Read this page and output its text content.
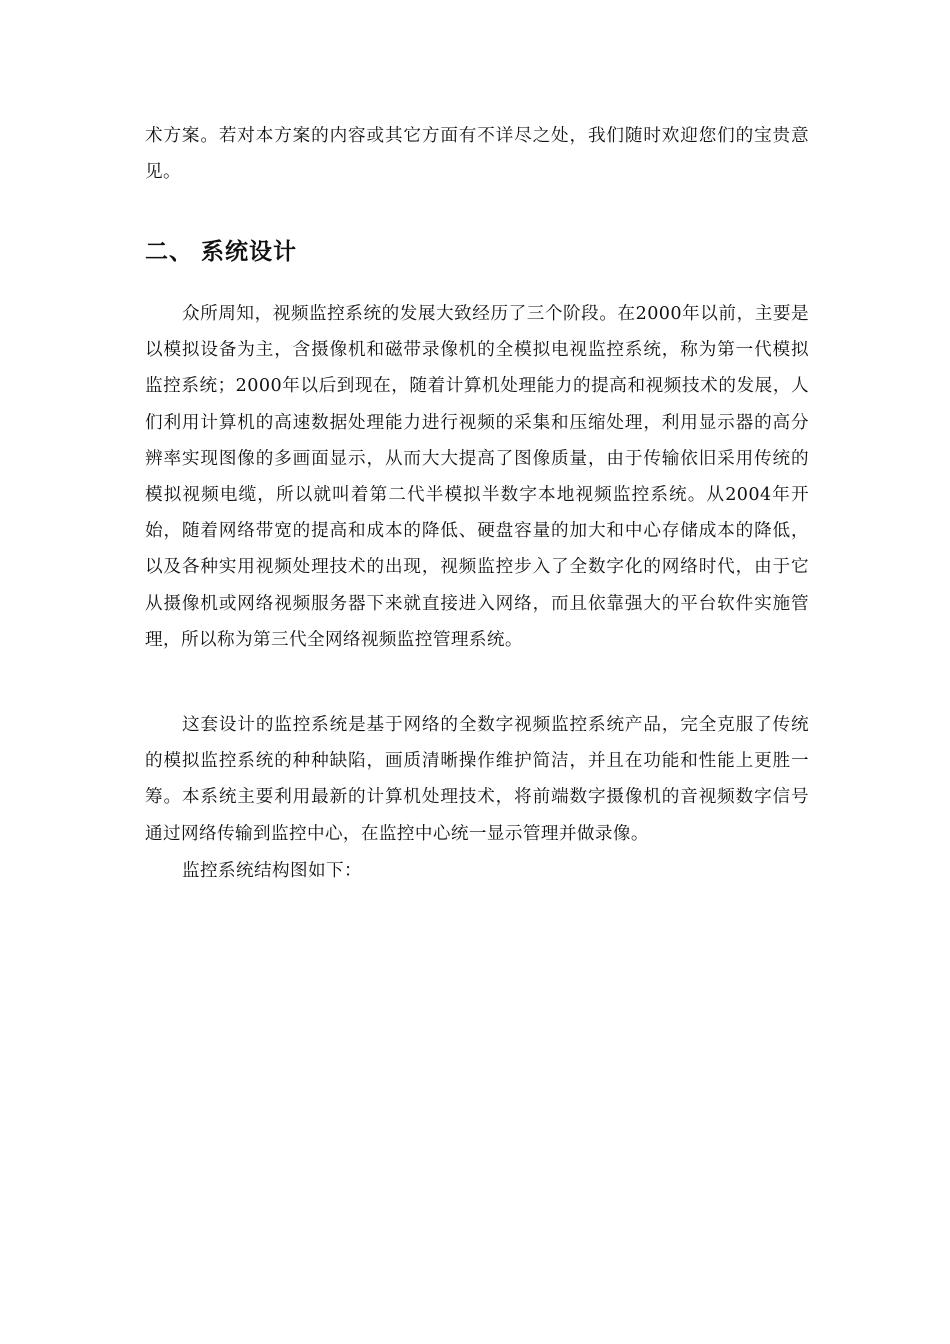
术方案。若对本方案的内容或其它方面有不详尽之处，我们随时欢迎您们的宝贵意见。

二、 系统设计

众所周知，视频监控系统的发展大致经历了三个阶段。在2000年以前，主要是以模拟设备为主，含摄像机和磁带录像机的全模拟电视监控系统，称为第一代模拟监控系统；2000年以后到现在，随着计算机处理能力的提高和视频技术的发展，人们利用计算机的高速数据处理能力进行视频的采集和压缩处理，利用显示器的高分辨率实现图像的多画面显示，从而大大提高了图像质量，由于传输依旧采用传统的模拟视频电缆，所以就叫着第二代半模拟半数字本地视频监控系统。从2004年开始，随着网络带宽的提高和成本的降低、硬盘容量的加大和中心存储成本的降低，以及各种实用视频处理技术的出现，视频监控步入了全数字化的网络时代，由于它从摄像机或网络视频服务器下来就直接进入网络，而且依靠强大的平台软件实施管理，所以称为第三代全网络视频监控管理系统。

这套设计的监控系统是基于网络的全数字视频监控系统产品，完全克服了传统的模拟监控系统的种种缺陷，画质清晰操作维护简洁，并且在功能和性能上更胜一筹。本系统主要利用最新的计算机处理技术，将前端数字摄像机的音视频数字信号通过网络传输到监控中心，在监控中心统一显示管理并做录像。

监控系统结构图如下：
